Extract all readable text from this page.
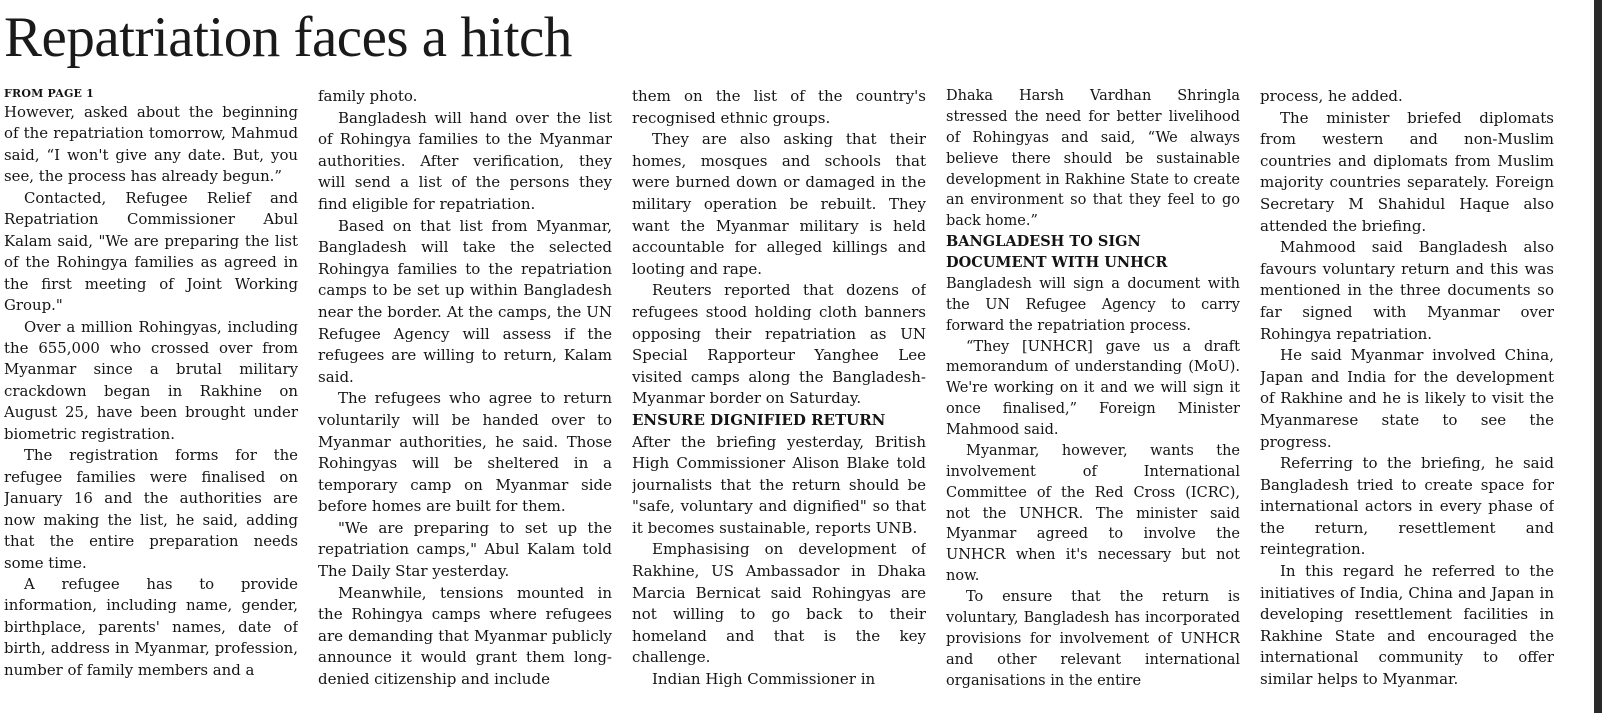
Repatriation faces a hitch

FROM PAGE 1

However, asked about the beginning of the repatriation tomorrow, Mahmud said, “I won't give any date. But, you see, the process has already begun.”

Contacted, Refugee Relief and Repatriation Commissioner Abul Kalam said, "We are preparing the list of the Rohingya families as agreed in the first meeting of Joint Working Group."

Over a million Rohingyas, including the 655,000 who crossed over from Myanmar since a brutal military crackdown began in Rakhine on August 25, have been brought under biometric registration.

The registration forms for the refugee families were finalised on January 16 and the authorities are now making the list, he said, adding that the entire preparation needs some time.

A refugee has to provide information, including name, gender, birthplace, parents' names, date of birth, address in Myanmar, profession, number of family members and a

family photo.

Bangladesh will hand over the list of Rohingya families to the Myanmar authorities. After verification, they will send a list of the persons they find eligible for repatriation.

Based on that list from Myanmar, Bangladesh will take the selected Rohingya families to the repatriation camps to be set up within Bangladesh near the border. At the camps, the UN Refugee Agency will assess if the refugees are willing to return, Kalam said.

The refugees who agree to return voluntarily will be handed over to Myanmar authorities, he said. Those Rohingyas will be sheltered in a temporary camp on Myanmar side before homes are built for them.

"We are preparing to set up the repatriation camps," Abul Kalam told The Daily Star yesterday.

Meanwhile, tensions mounted in the Rohingya camps where refugees are demanding that Myanmar publicly announce it would grant them long-denied citizenship and include

them on the list of the country's recognised ethnic groups.

They are also asking that their homes, mosques and schools that were burned down or damaged in the military operation be rebuilt. They want the Myanmar military is held accountable for alleged killings and looting and rape.

Reuters reported that dozens of refugees stood holding cloth banners opposing their repatriation as UN Special Rapporteur Yanghee Lee visited camps along the Bangladesh-Myanmar border on Saturday.

ENSURE DIGNIFIED RETURN

After the briefing yesterday, British High Commissioner Alison Blake told journalists that the return should be "safe, voluntary and dignified" so that it becomes sustainable, reports UNB.

Emphasising on development of Rakhine, US Ambassador in Dhaka Marcia Bernicat said Rohingyas are not willing to go back to their homeland and that is the key challenge.

Indian High Commissioner in

Dhaka Harsh Vardhan Shringla stressed the need for better livelihood of Rohingyas and said, “We always believe there should be sustainable development in Rakhine State to create an environment so that they feel to go back home.”

BANGLADESH TO SIGN DOCUMENT WITH UNHCR

Bangladesh will sign a document with the UN Refugee Agency to carry forward the repatriation process.

“They [UNHCR] gave us a draft memorandum of understanding (MoU). We're working on it and we will sign it once finalised,” Foreign Minister Mahmood said.

Myanmar, however, wants the involvement of International Committee of the Red Cross (ICRC), not the UNHCR. The minister said Myanmar agreed to involve the UNHCR when it's necessary but not now.

To ensure that the return is voluntary, Bangladesh has incorporated provisions for involvement of UNHCR and other relevant international organisations in the entire

process, he added.

The minister briefed diplomats from western and non-Muslim countries and diplomats from Muslim majority countries separately. Foreign Secretary M Shahidul Haque also attended the briefing.

Mahmood said Bangladesh also favours voluntary return and this was mentioned in the three documents so far signed with Myanmar over Rohingya repatriation.

He said Myanmar involved China, Japan and India for the development of Rakhine and he is likely to visit the Myanmarese state to see the progress.

Referring to the briefing, he said Bangladesh tried to create space for international actors in every phase of the return, resettlement and reintegration.

In this regard he referred to the initiatives of India, China and Japan in developing resettlement facilities in Rakhine State and encouraged the international community to offer similar helps to Myanmar.
